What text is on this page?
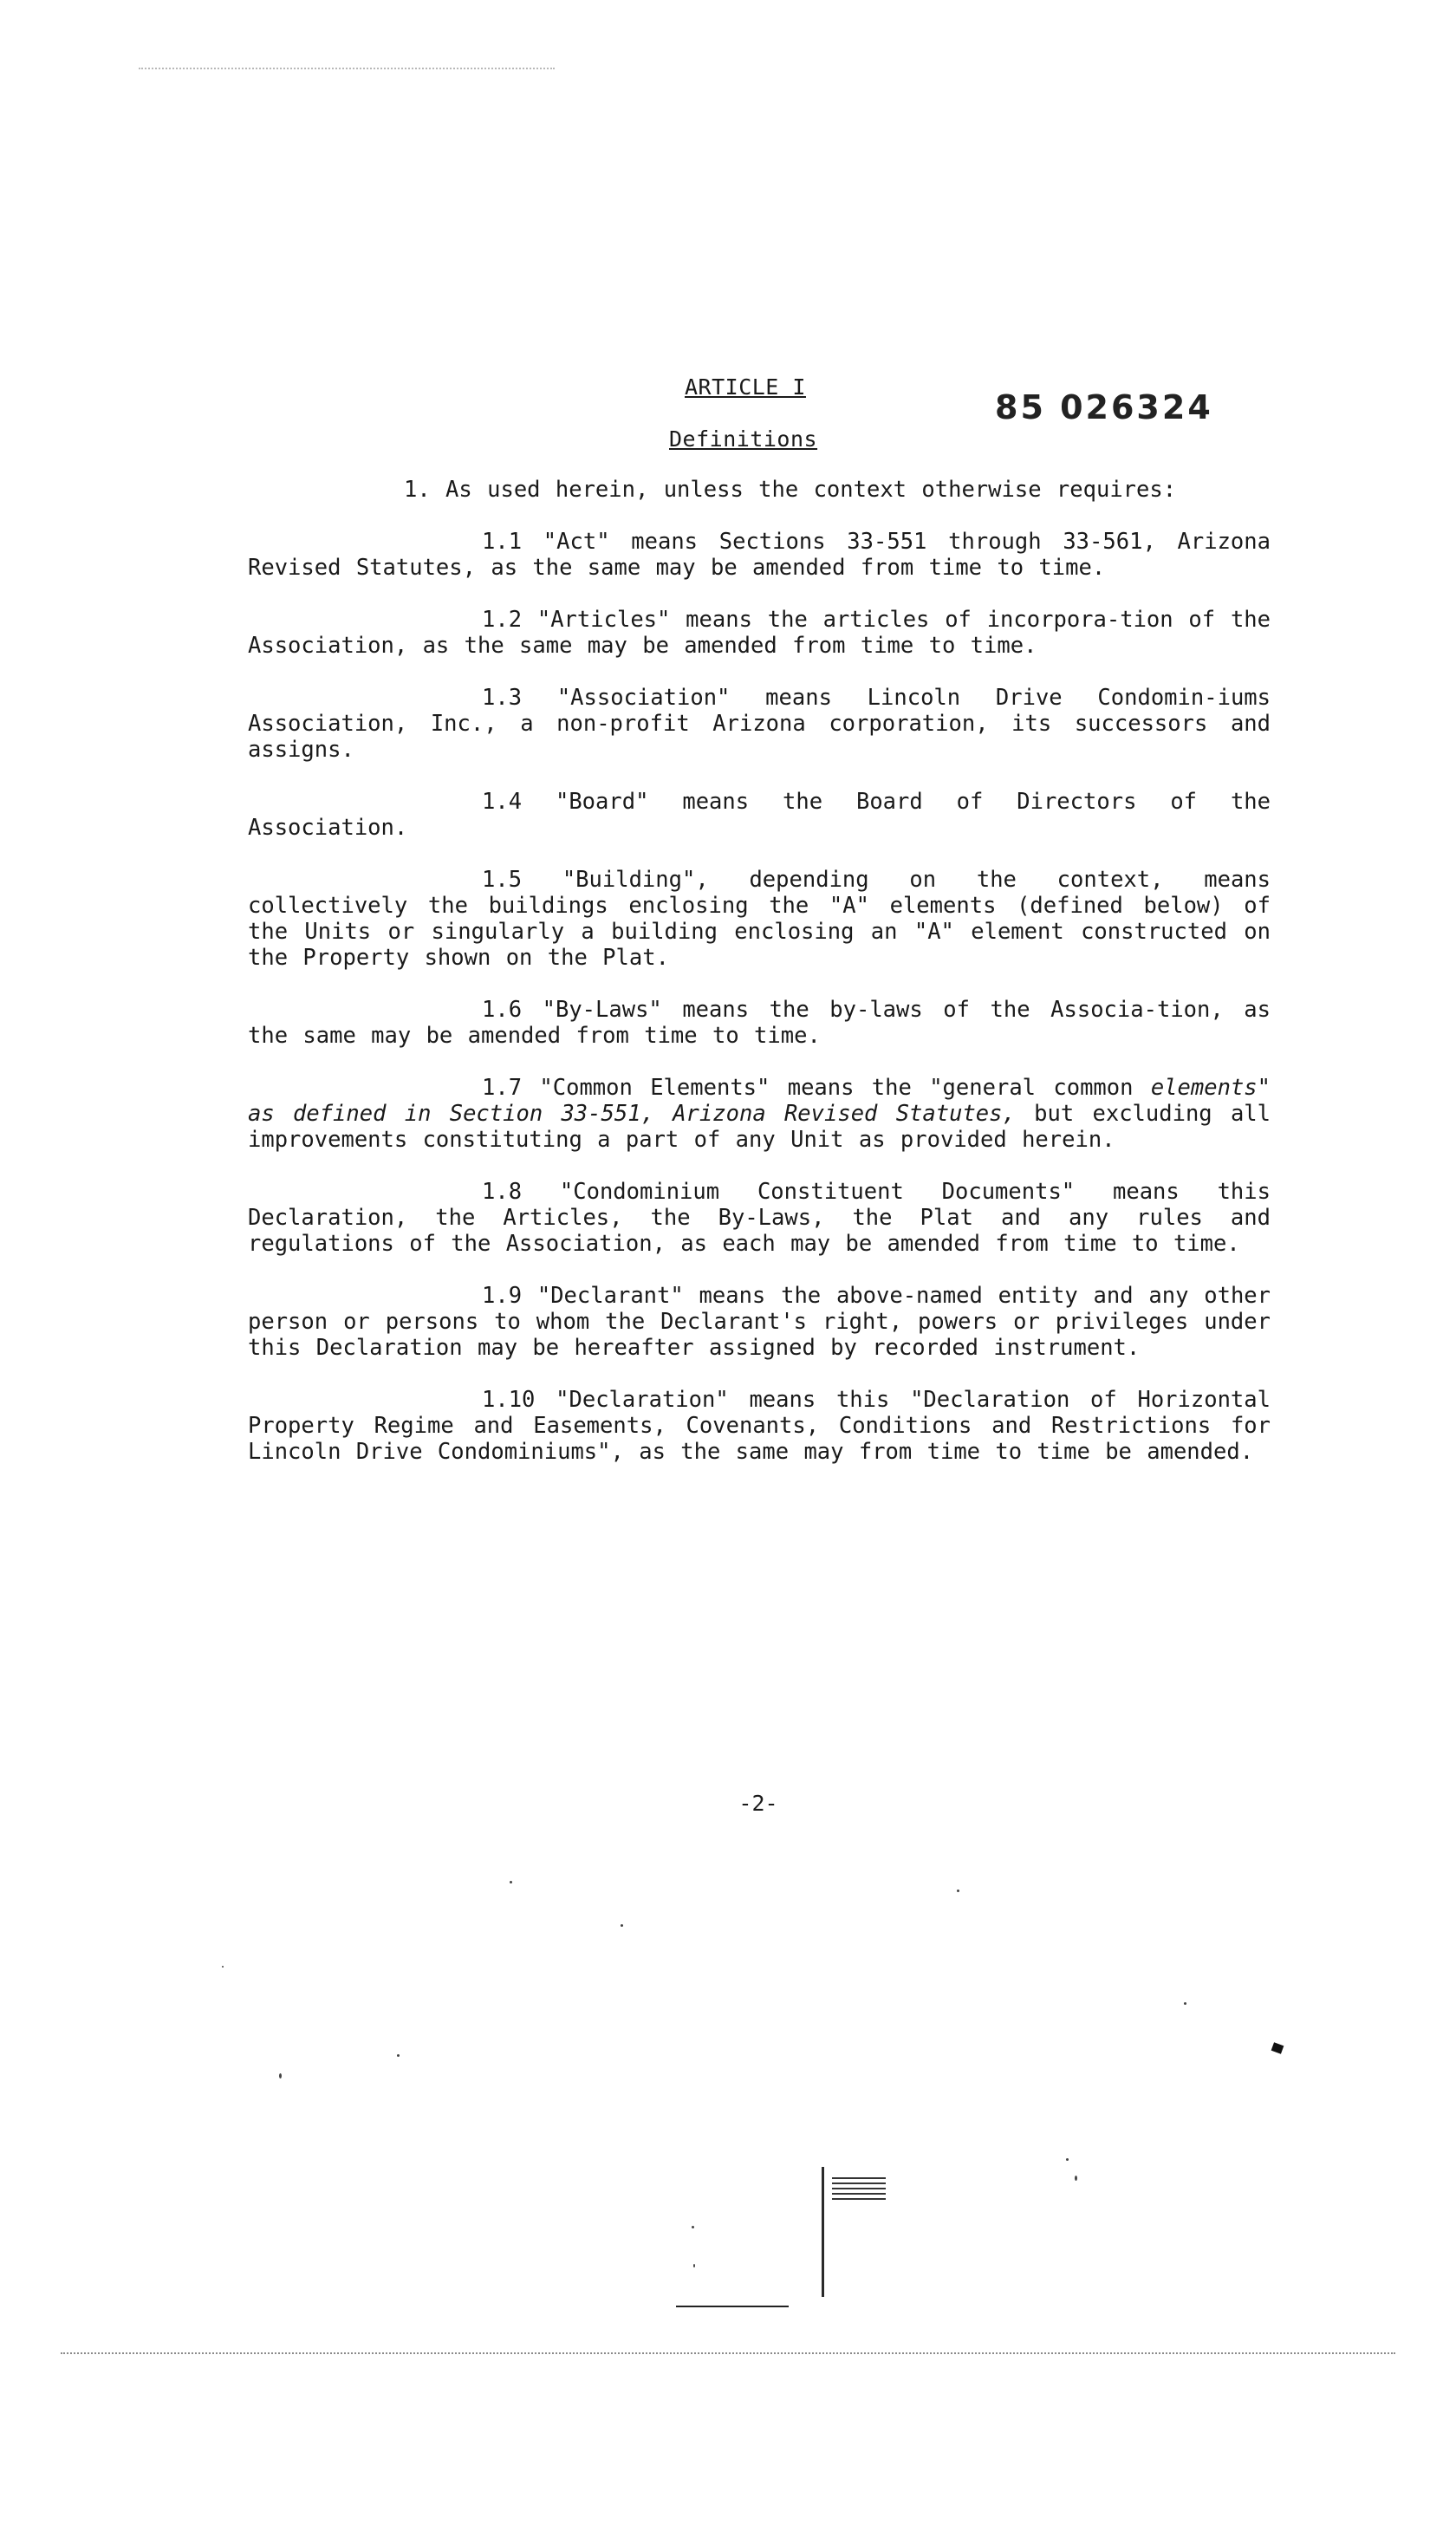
ARTICLE I
85 026324
Definitions

1. As used herein, unless the context otherwise requires:

1.1 "Act" means Sections 33-551 through 33-561, Arizona Revised Statutes, as the same may be amended from time to time.

1.2 "Articles" means the articles of incorpora-tion of the Association, as the same may be amended from time to time.

1.3 "Association" means Lincoln Drive Condomin-iums Association, Inc., a non-profit Arizona corporation, its successors and assigns.

1.4 "Board" means the Board of Directors of the Association.

1.5 "Building", depending on the context, means collectively the buildings enclosing the "A" elements (defined below) of the Units or singularly a building enclosing an "A" element constructed on the Property shown on the Plat.

1.6 "By-Laws" means the by-laws of the Associa-tion, as the same may be amended from time to time.

1.7 "Common Elements" means the "general common elements" as defined in Section 33-551, Arizona Revised Statutes, but excluding all improvements constituting a part of any Unit as provided herein.

1.8 "Condominium Constituent Documents" means this Declaration, the Articles, the By-Laws, the Plat and any rules and regulations of the Association, as each may be amended from time to time.

1.9 "Declarant" means the above-named entity and any other person or persons to whom the Declarant's right, powers or privileges under this Declaration may be hereafter assigned by recorded instrument.

1.10 "Declaration" means this "Declaration of Horizontal Property Regime and Easements, Covenants, Conditions and Restrictions for Lincoln Drive Condominiums", as the same may from time to time be amended.

-2-
